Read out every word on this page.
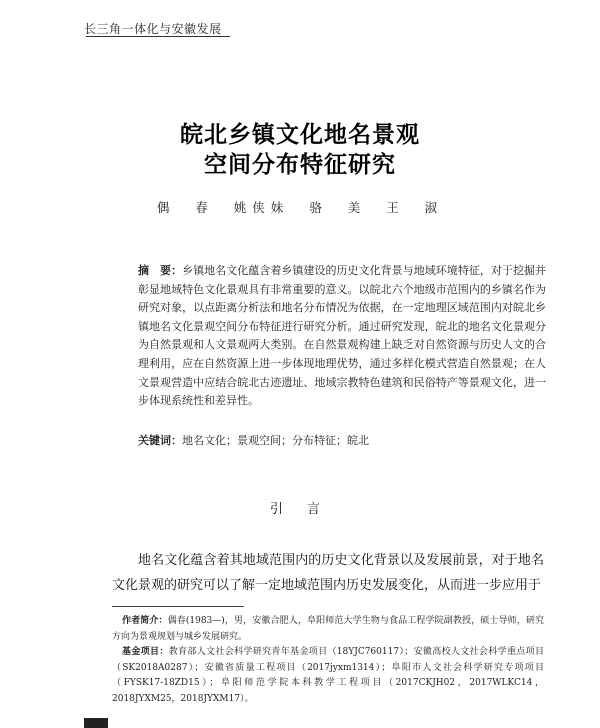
长三角一体化与安徽发展
皖北乡镇文化地名景观
空间分布特征研究
偶 春 姚侠妹 骆 美 王 淑
摘　要：乡镇地名文化蕴含着乡镇建设的历史文化背景与地域环境特征，对于挖掘并彰显地域特色文化景观具有非常重要的意义。以皖北六个地级市范围内的乡镇名作为研究对象，以点距离分析法和地名分布情况为依据，在一定地理区域范围内对皖北乡镇地名文化景观空间分布特征进行研究分析。通过研究发现，皖北的地名文化景观分为自然景观和人文景观两大类别。在自然景观构建上缺乏对自然资源与历史人文的合理利用，应在自然资源上进一步体现地理优势，通过多样化模式营造自然景观；在人文景观营造中应结合皖北古迹遗址、地域宗教特色建筑和民俗特产等景观文化，进一步体现系统性和差异性。
关键词：地名文化；景观空间；分布特征；皖北
引 言
地名文化蕴含着其地域范围内的历史文化背景以及发展前景，对于地名文化景观的研究可以了解一定地域范围内历史发展变化，从而进一步应用于
作者简介：偶春(1983—)，男，安徽合肥人，阜阳师范大学生物与食品工程学院副教授，硕士导师，研究方向为景观规划与城乡发展研究。
基金项目：教育部人文社会科学研究青年基金项目（18YJC760117）；安徽高校人文社会科学重点项目（SK2018A0287）；安徽省质量工程项目（2017jyxm1314）；阜阳市人文社会科学研究专项项目（FYSK17-18ZD15）；阜阳师范学院本科教学工程项目（2017CKJH02，2017WLKC14，2018JYXM25，2018JYXM17）。
